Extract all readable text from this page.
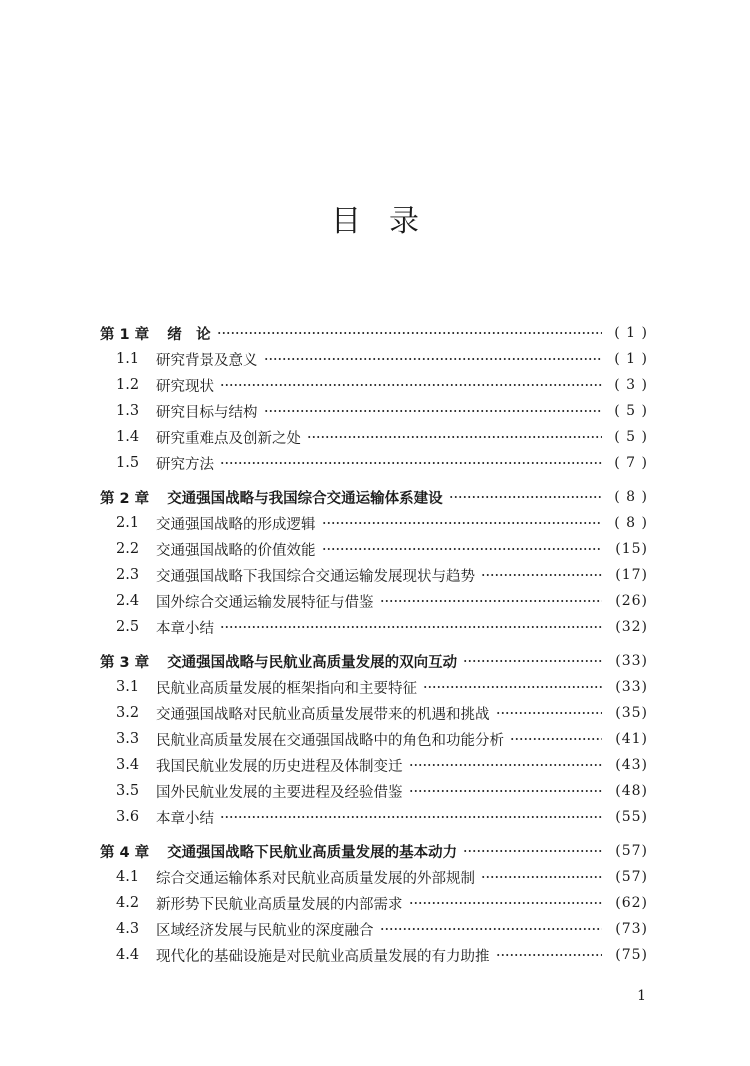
目录
第 1 章 绪　论	( 1 )
1.1	研究背景及意义	( 1 )
1.2	研究现状	( 3 )
1.3	研究目标与结构	( 5 )
1.4	研究重难点及创新之处	( 5 )
1.5	研究方法	( 7 )
第 2 章 交通强国战略与我国综合交通运输体系建设	( 8 )
2.1	交通强国战略的形成逻辑	( 8 )
2.2	交通强国战略的价值效能	(15)
2.3	交通强国战略下我国综合交通运输发展现状与趋势	(17)
2.4	国外综合交通运输发展特征与借鉴	(26)
2.5	本章小结	(32)
第 3 章 交通强国战略与民航业高质量发展的双向互动	(33)
3.1	民航业高质量发展的框架指向和主要特征	(33)
3.2	交通强国战略对民航业高质量发展带来的机遇和挑战	(35)
3.3	民航业高质量发展在交通强国战略中的角色和功能分析	(41)
3.4	我国民航业发展的历史进程及体制变迁	(43)
3.5	国外民航业发展的主要进程及经验借鉴	(48)
3.6	本章小结	(55)
第 4 章 交通强国战略下民航业高质量发展的基本动力	(57)
4.1	综合交通运输体系对民航业高质量发展的外部规制	(57)
4.2	新形势下民航业高质量发展的内部需求	(62)
4.3	区域经济发展与民航业的深度融合	(73)
4.4	现代化的基础设施是对民航业高质量发展的有力助推	(75)
1
